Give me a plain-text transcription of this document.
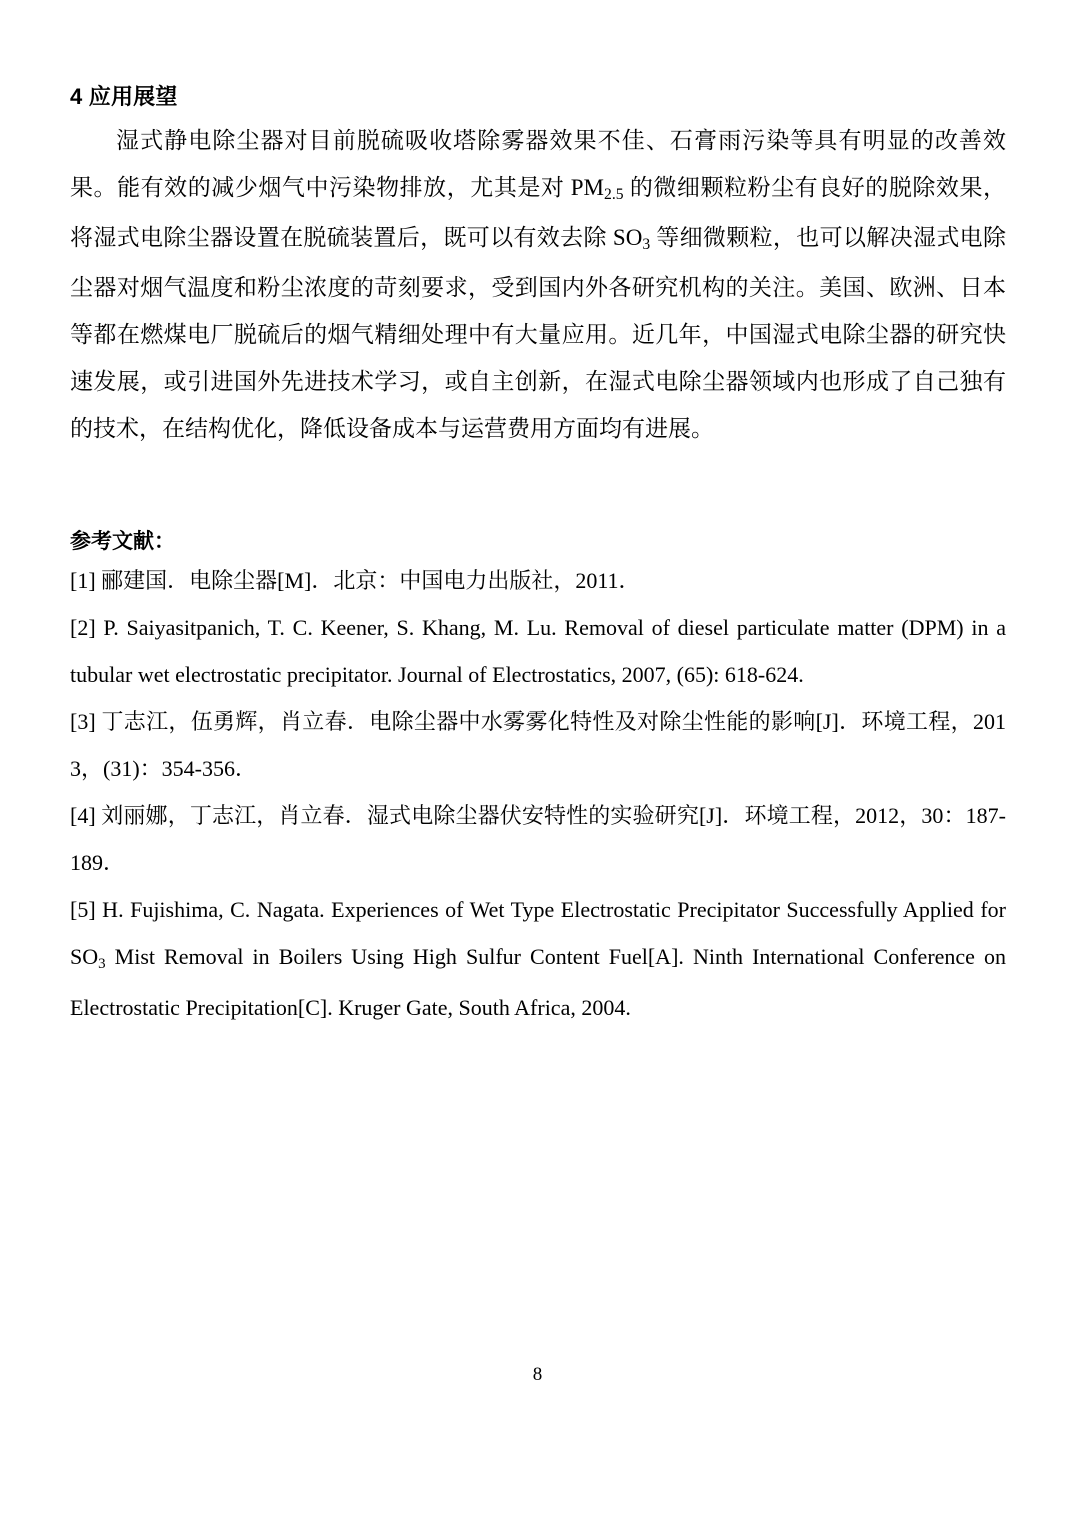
4 应用展望

湿式静电除尘器对目前脱硫吸收塔除雾器效果不佳、石膏雨污染等具有明显的改善效果。能有效的减少烟气中污染物排放，尤其是对 $PM_{2.5}$ 的微细颗粒粉尘有良好的脱除效果，将湿式电除尘器设置在脱硫装置后，既可以有效去除 $SO_3$ 等细微颗粒，也可以解决湿式电除尘器对烟气温度和粉尘浓度的苛刻要求，受到国内外各研究机构的关注。美国、欧洲、日本等都在燃煤电厂脱硫后的烟气精细处理中有大量应用。近几年，中国湿式电除尘器的研究快速发展，或引进国外先进技术学习，或自主创新，在湿式电除尘器领域内也形成了自己独有的技术，在结构优化，降低设备成本与运营费用方面均有进展。

参考文献：
[1] 郦建国．电除尘器[M]．北京：中国电力出版社，2011．
[2] P. Saiyasitpanich, T. C. Keener, S. Khang, M. Lu. Removal of diesel particulate matter (DPM) in a tubular wet electrostatic precipitator. Journal of Electrostatics, 2007, (65): 618-624.
[3] 丁志江，伍勇辉，肖立春．电除尘器中水雾雾化特性及对除尘性能的影响[J]．环境工程，2013，(31)：354-356．
[4] 刘丽娜，丁志江，肖立春．湿式电除尘器伏安特性的实验研究[J]．环境工程，2012，30：187-189．
[5] H. Fujishima, C. Nagata. Experiences of Wet Type Electrostatic Precipitator Successfully Applied for $SO_3$ Mist Removal in Boilers Using High Sulfur Content Fuel[A]. Ninth International Conference on Electrostatic Precipitation[C]. Kruger Gate, South Africa, 2004.
8
